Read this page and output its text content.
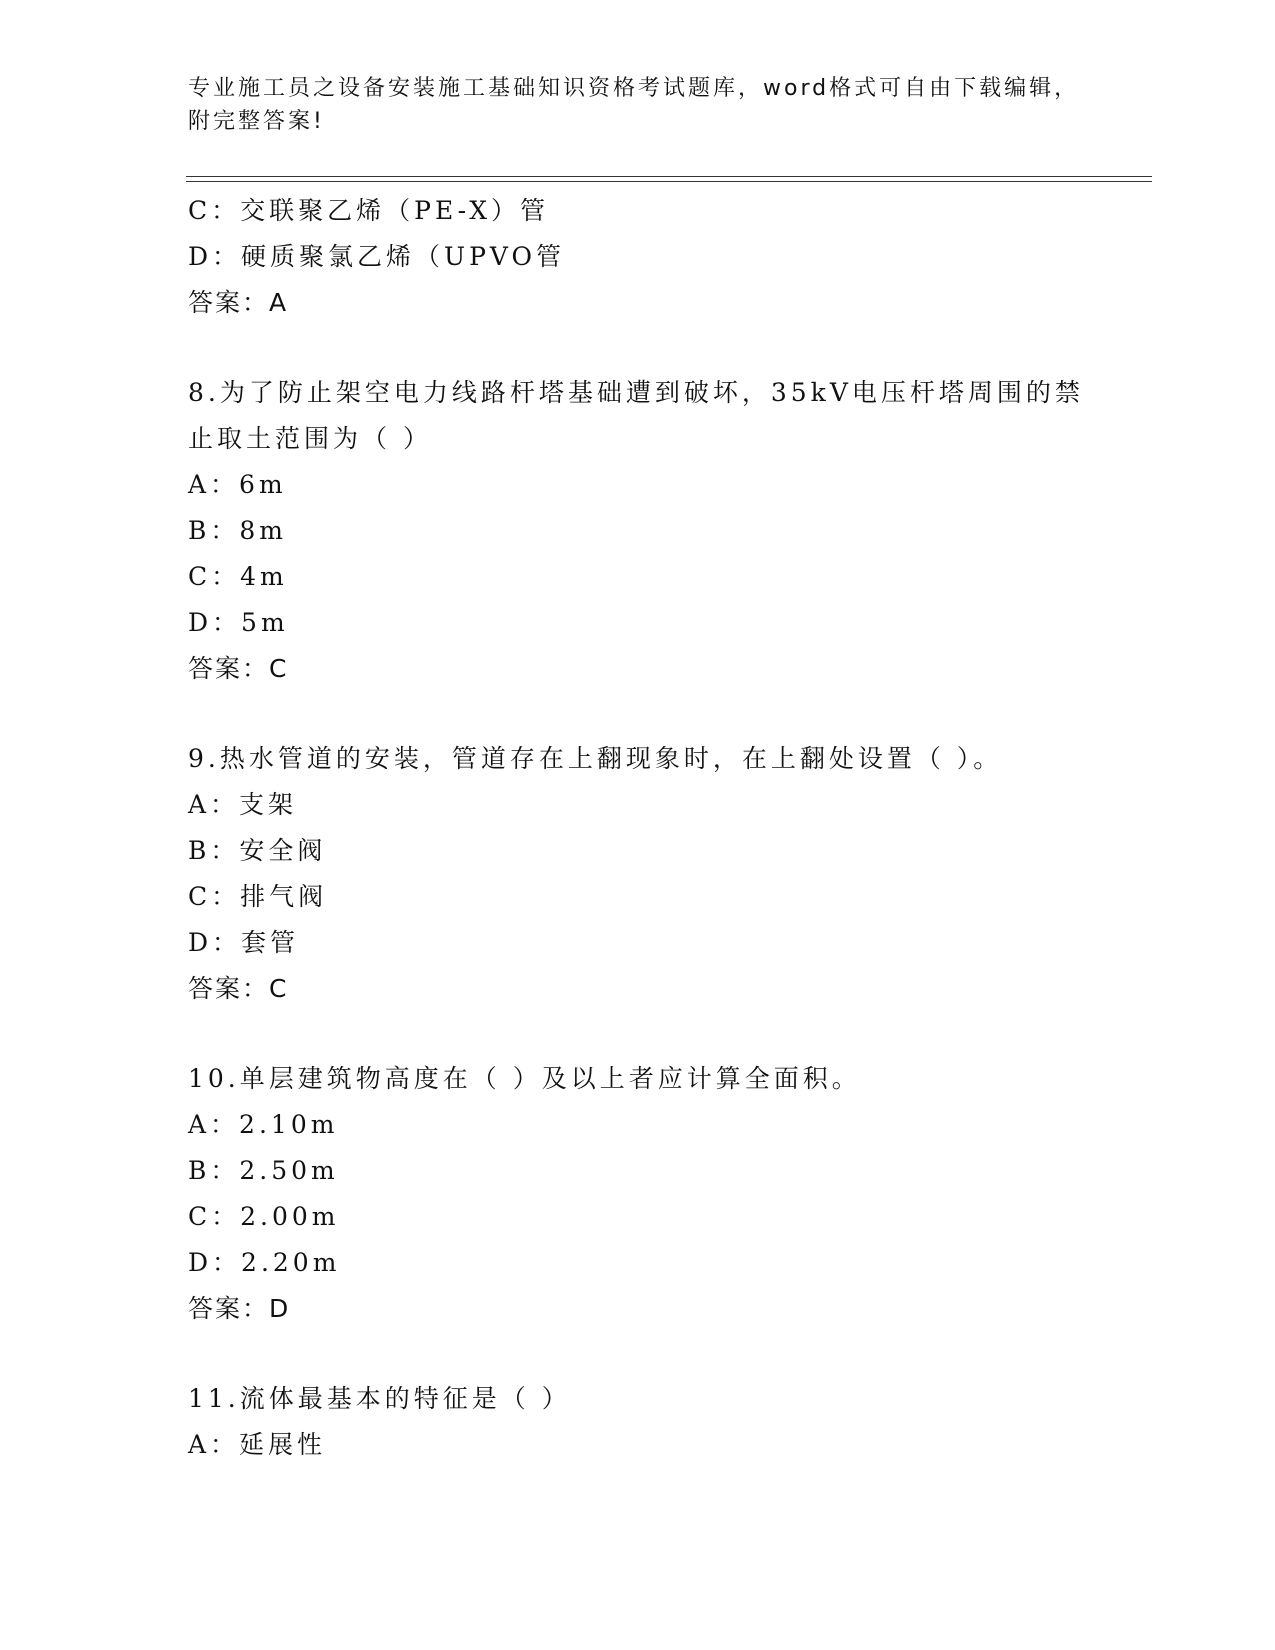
专业施工员之设备安装施工基础知识资格考试题库，word格式可自由下载编辑，
附完整答案!
C：交联聚乙烯（PE-X）管
D：硬质聚氯乙烯（UPVO管
答案：A
8.为了防止架空电力线路杆塔基础遭到破坏，35kV电压杆塔周围的禁
止取土范围为（ ）
A：6m
B：8m
C：4m
D：5m
答案：C
9.热水管道的安装，管道存在上翻现象时，在上翻处设置（ ）。
A：支架
B：安全阀
C：排气阀
D：套管
答案：C
10.单层建筑物高度在（ ）及以上者应计算全面积。
A：2.10m
B：2.50m
C：2.00m
D：2.20m
答案：D
11.流体最基本的特征是（ ）
A：延展性
